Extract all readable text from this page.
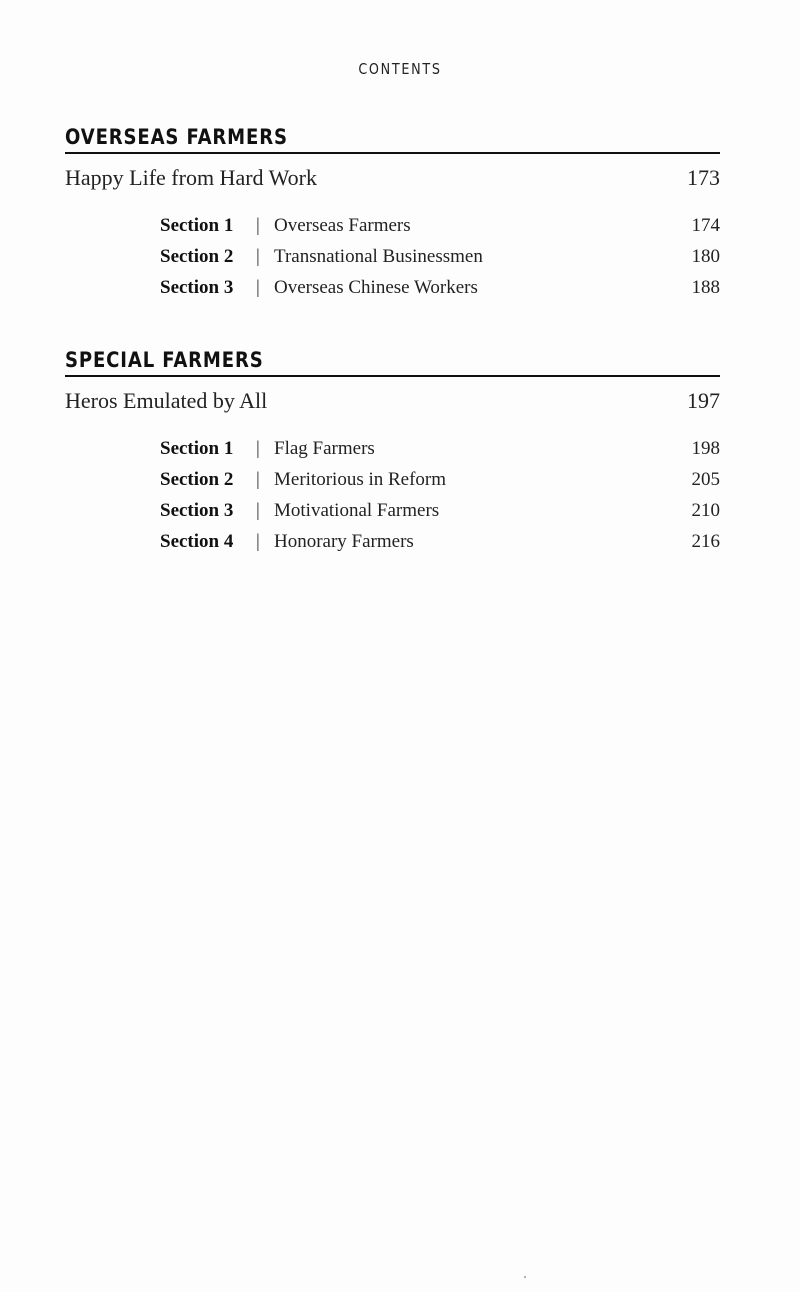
CONTENTS
OVERSEAS FARMERS
Happy Life from Hard Work	173
Section 1 | Overseas Farmers	174
Section 2 | Transnational Businessmen	180
Section 3 | Overseas Chinese Workers	188
SPECIAL FARMERS
Heros Emulated by All	197
Section 1 | Flag Farmers	198
Section 2 | Meritorious in Reform	205
Section 3 | Motivational Farmers	210
Section 4 | Honorary Farmers	216
